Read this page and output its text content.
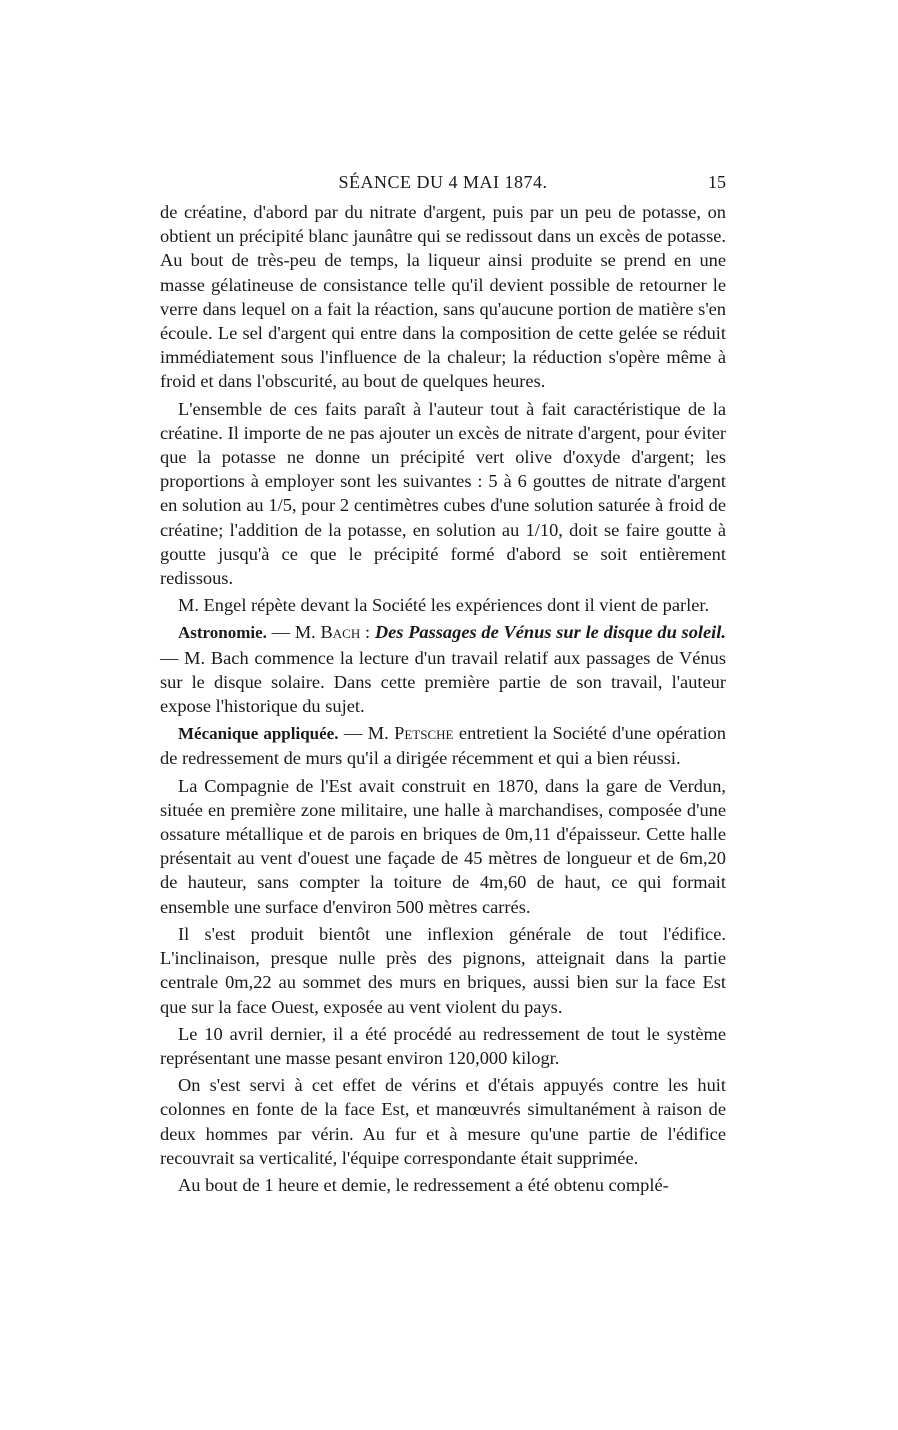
SÉANCE DU 4 MAI 1874.	15

de créatine, d'abord par du nitrate d'argent, puis par un peu de potasse, on obtient un précipité blanc jaunâtre qui se redissout dans un excès de potasse. Au bout de très-peu de temps, la liqueur ainsi produite se prend en une masse gélatineuse de consistance telle qu'il devient possible de retourner le verre dans lequel on a fait la réaction, sans qu'aucune portion de matière s'en écoule. Le sel d'argent qui entre dans la composition de cette gelée se réduit immédiatement sous l'influence de la chaleur; la réduction s'opère même à froid et dans l'obscurité, au bout de quelques heures.

L'ensemble de ces faits paraît à l'auteur tout à fait caractéristique de la créatine. Il importe de ne pas ajouter un excès de nitrate d'argent, pour éviter que la potasse ne donne un précipité vert olive d'oxyde d'argent; les proportions à employer sont les suivantes : 5 à 6 gouttes de nitrate d'argent en solution au 1/5, pour 2 centimètres cubes d'une solution saturée à froid de créatine; l'addition de la potasse, en solution au 1/10, doit se faire goutte à goutte jusqu'à ce que le précipité formé d'abord se soit entièrement redissous.

M. Engel répète devant la Société les expériences dont il vient de parler.

Astronomie. — M. Bach : Des Passages de Vénus sur le disque du soleil. — M. Bach commence la lecture d'un travail relatif aux passages de Vénus sur le disque solaire. Dans cette première partie de son travail, l'auteur expose l'historique du sujet.

Mécanique appliquée. — M. Petsche entretient la Société d'une opération de redressement de murs qu'il a dirigée récemment et qui a bien réussi.

La Compagnie de l'Est avait construit en 1870, dans la gare de Verdun, située en première zone militaire, une halle à marchandises, composée d'une ossature métallique et de parois en briques de 0m,11 d'épaisseur. Cette halle présentait au vent d'ouest une façade de 45 mètres de longueur et de 6m,20 de hauteur, sans compter la toiture de 4m,60 de haut, ce qui formait ensemble une surface d'environ 500 mètres carrés.

Il s'est produit bientôt une inflexion générale de tout l'édifice. L'inclinaison, presque nulle près des pignons, atteignait dans la partie centrale 0m,22 au sommet des murs en briques, aussi bien sur la face Est que sur la face Ouest, exposée au vent violent du pays.

Le 10 avril dernier, il a été procédé au redressement de tout le système représentant une masse pesant environ 120,000 kilogr.

On s'est servi à cet effet de vérins et d'étais appuyés contre les huit colonnes en fonte de la face Est, et manœuvrés simultanément à raison de deux hommes par vérin. Au fur et à mesure qu'une partie de l'édifice recouvrait sa verticalité, l'équipe correspondante était supprimée.

Au bout de 1 heure et demie, le redressement a été obtenu complé-
